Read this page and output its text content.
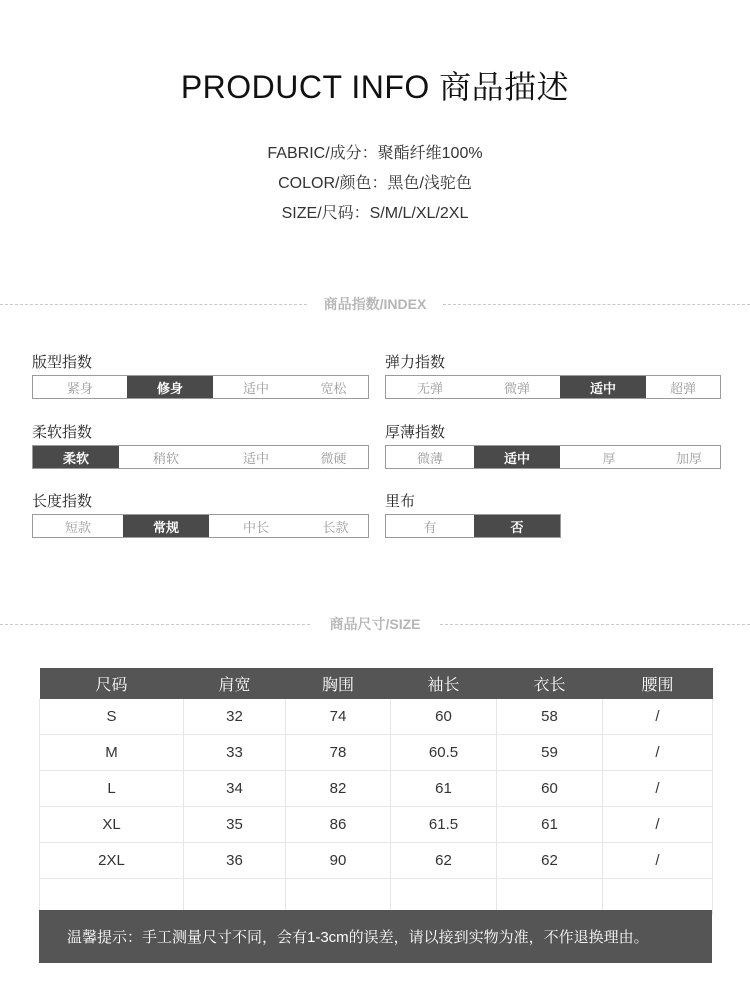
PRODUCT INFO 商品描述
FABRIC/成分：聚酯纤维100%
COLOR/颜色：黑色/浅驼色
SIZE/尺码：S/M/L/XL/2XL
商品指数/INDEX
版型指数
紧身	修身	适中	宽松
弹力指数
无弹	微弹	适中	超弹
柔软指数
柔软	稍软	适中	微硬
厚薄指数
微薄	适中	厚	加厚
长度指数
短款	常规	中长	长款
里布
有	否
商品尺寸/SIZE
尺码	肩宽	胸围	袖长	衣长	腰围
S	32	74	60	58	/
M	33	78	60.5	59	/
L	34	82	61	60	/
XL	35	86	61.5	61	/
2XL	36	90	62	62	/

温馨提示：手工测量尺寸不同，会有1-3cm的误差，请以接到实物为准，不作退换理由。
